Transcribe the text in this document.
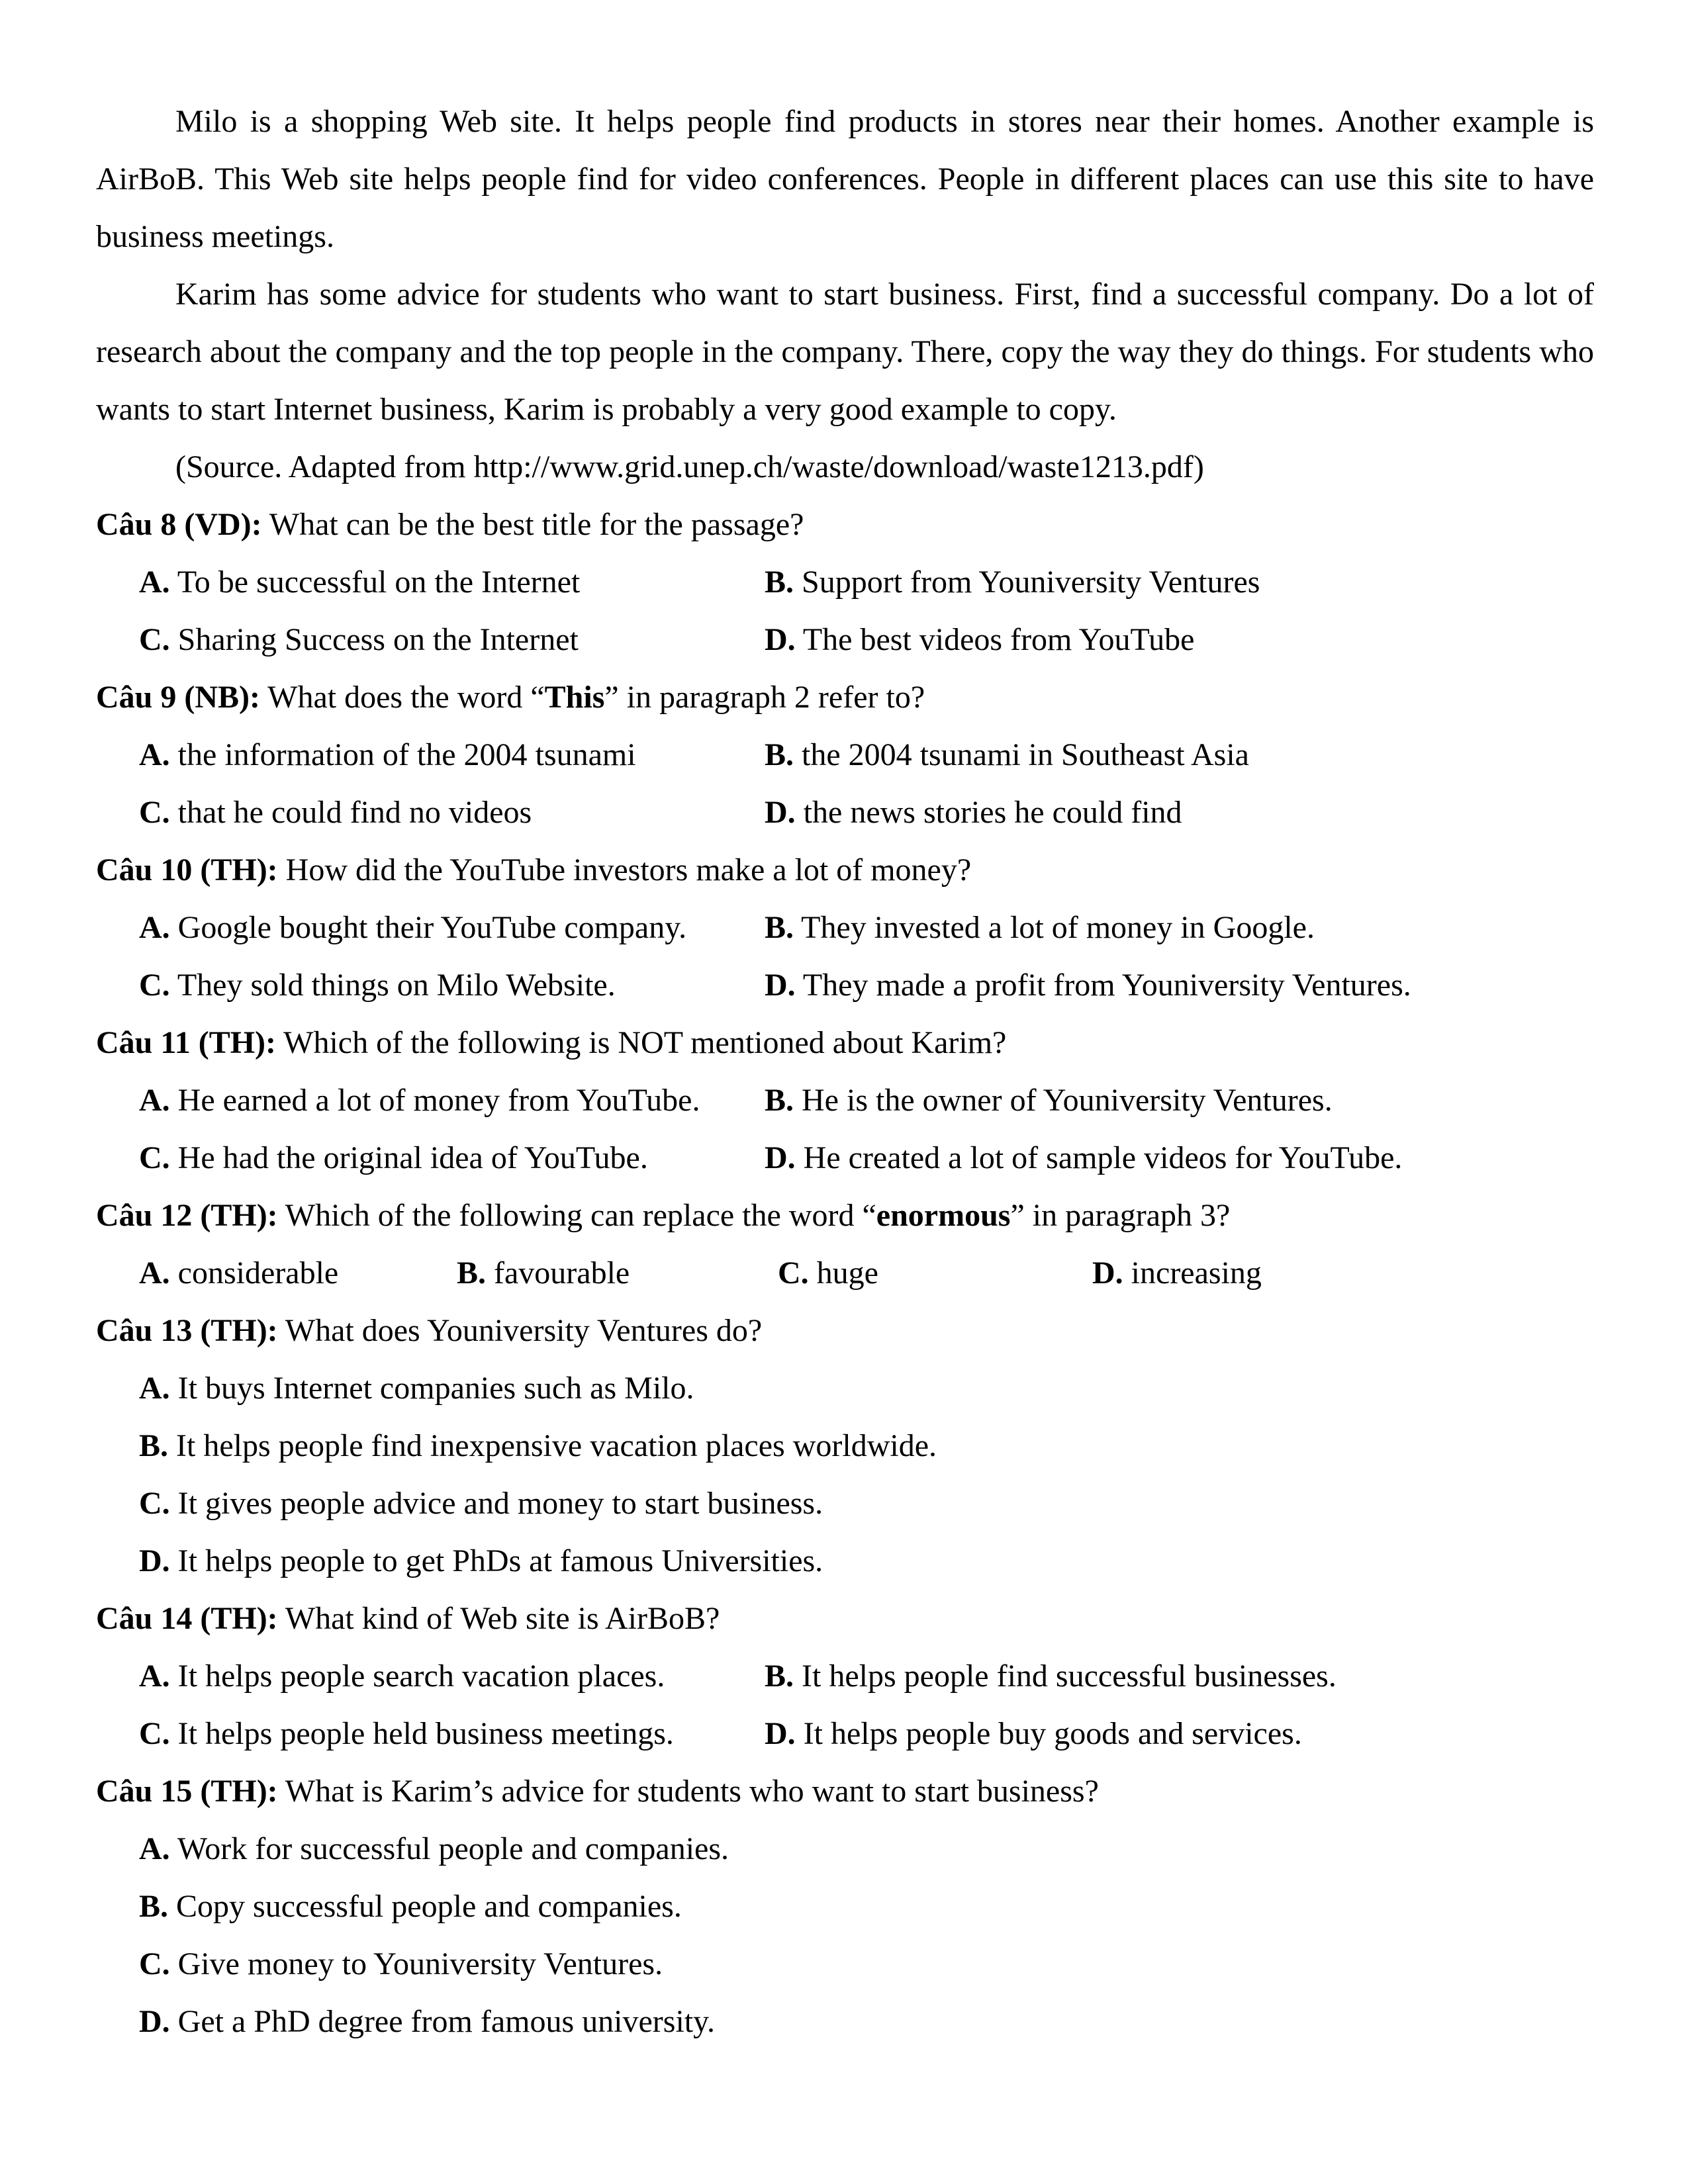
Milo is a shopping Web site. It helps people find products in stores near their homes. Another example is AirBoB. This Web site helps people find for video conferences. People in different places can use this site to have business meetings.

Karim has some advice for students who want to start business. First, find a successful company. Do a lot of research about the company and the top people in the company. There, copy the way they do things. For students who wants to start Internet business, Karim is probably a very good example to copy.

(Source. Adapted from http://www.grid.unep.ch/waste/download/waste1213.pdf)

Câu 8 (VD): What can be the best title for the passage?
A. To be successful on the Internet	B. Support from Youniversity Ventures
C. Sharing Success on the Internet	D. The best videos from YouTube
Câu 9 (NB): What does the word “This” in paragraph 2 refer to?
A. the information of the 2004 tsunami	B. the 2004 tsunami in Southeast Asia
C. that he could find no videos	D. the news stories he could find
Câu 10 (TH): How did the YouTube investors make a lot of money?
A. Google bought their YouTube company.	B. They invested a lot of money in Google.
C. They sold things on Milo Website.	D. They made a profit from Youniversity Ventures.
Câu 11 (TH): Which of the following is NOT mentioned about Karim?
A. He earned a lot of money from YouTube.	B. He is the owner of Youniversity Ventures.
C. He had the original idea of YouTube.	D. He created a lot of sample videos for YouTube.
Câu 12 (TH): Which of the following can replace the word “enormous” in paragraph 3?
A. considerable	B. favourable	C. huge	D. increasing
Câu 13 (TH): What does Youniversity Ventures do?
A. It buys Internet companies such as Milo.
B. It helps people find inexpensive vacation places worldwide.
C. It gives people advice and money to start business.
D. It helps people to get PhDs at famous Universities.
Câu 14 (TH): What kind of Web site is AirBoB?
A. It helps people search vacation places.	B. It helps people find successful businesses.
C. It helps people held business meetings.	D. It helps people buy goods and services.
Câu 15 (TH): What is Karim’s advice for students who want to start business?
A. Work for successful people and companies.
B. Copy successful people and companies.
C. Give money to Youniversity Ventures.
D. Get a PhD degree from famous university.
